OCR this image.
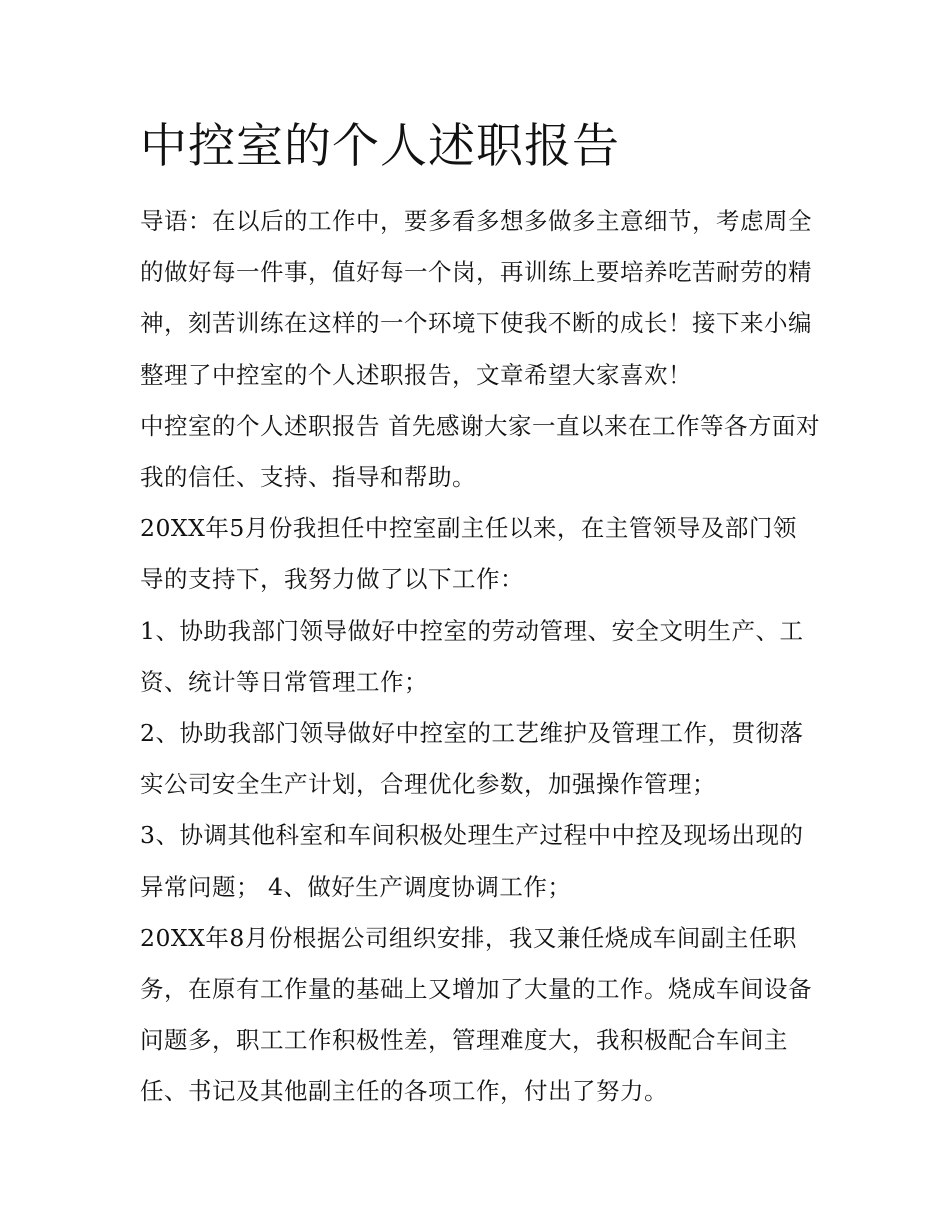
中控室的个人述职报告

导语：在以后的工作中，要多看多想多做多主意细节，考虑周全的做好每一件事，值好每一个岗，再训练上要培养吃苦耐劳的精神，刻苦训练在这样的一个环境下使我不断的成长！接下来小编整理了中控室的个人述职报告，文章希望大家喜欢！

中控室的个人述职报告 首先感谢大家一直以来在工作等各方面对我的信任、支持、指导和帮助。

20XX年5月份我担任中控室副主任以来，在主管领导及部门领导的支持下，我努力做了以下工作：

1、协助我部门领导做好中控室的劳动管理、安全文明生产、工资、统计等日常管理工作；

2、协助我部门领导做好中控室的工艺维护及管理工作，贯彻落实公司安全生产计划，合理优化参数，加强操作管理；

3、协调其他科室和车间积极处理生产过程中中控及现场出现的异常问题； 4、做好生产调度协调工作；

20XX年8月份根据公司组织安排，我又兼任烧成车间副主任职务，在原有工作量的基础上又增加了大量的工作。烧成车间设备问题多，职工工作积极性差，管理难度大，我积极配合车间主任、书记及其他副主任的各项工作，付出了努力。
